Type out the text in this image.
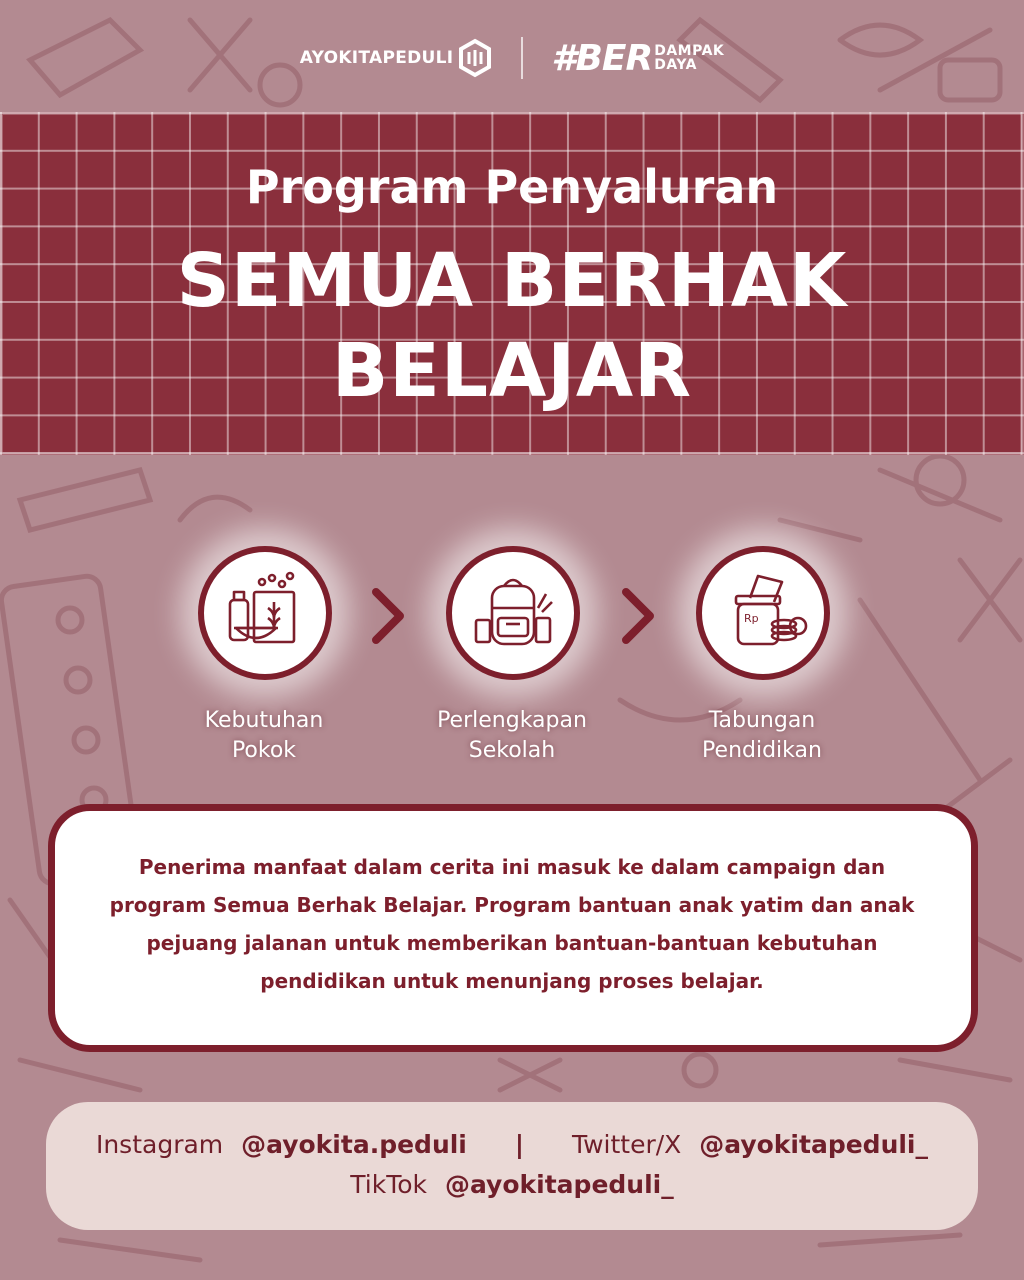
AYOKITAPEDULI	#BER DAMPAK
DAYA
Program Penyaluran
SEMUA BERHAK
BELAJAR
Kebutuhan
Pokok
Perlengkapan
Sekolah
Rp
Tabungan
Pendidikan
Penerima manfaat dalam cerita ini masuk ke dalam campaign dan
program Semua Berhak Belajar. Program bantuan anak yatim dan anak
pejuang jalanan untuk memberikan bantuan-bantuan kebutuhan
pendidikan untuk menunjang proses belajar.
Instagram @ayokita.peduli | Twitter/X @ayokitapeduli_
TikTok @ayokitapeduli_
